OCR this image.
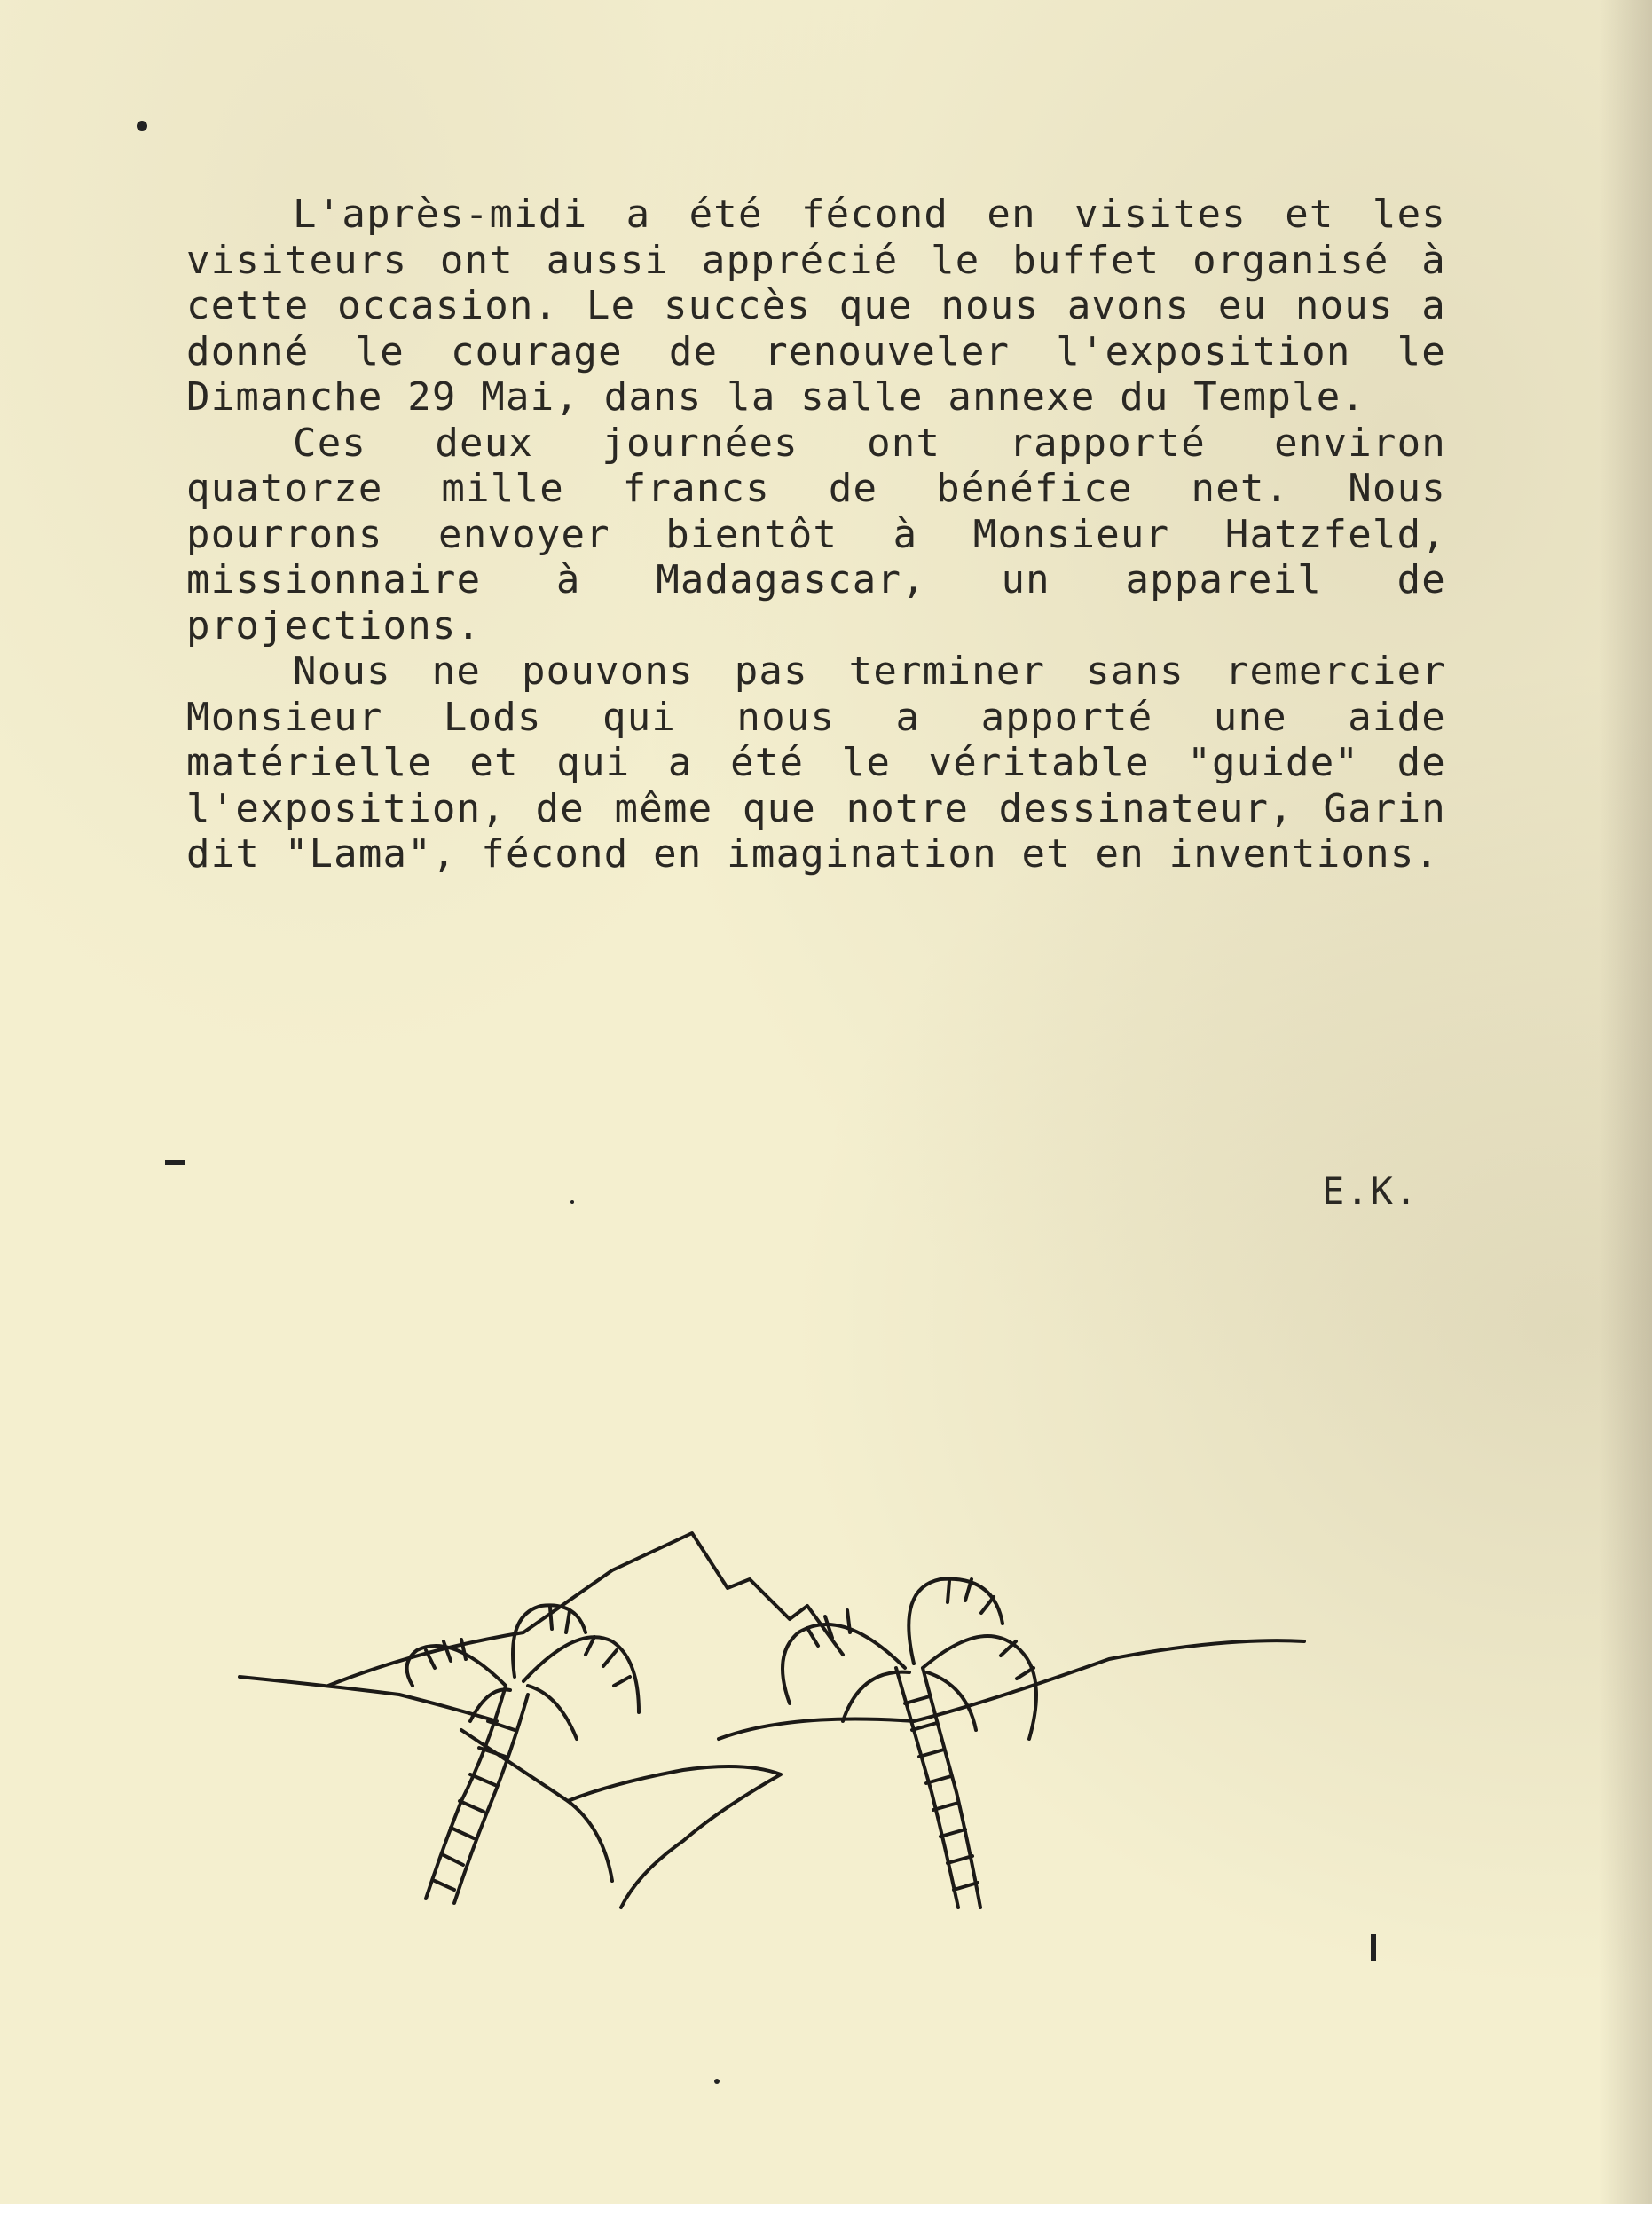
L'après-midi a été fécond en visites et les visiteurs ont aussi apprécié le buffet organisé à cette occasion. Le succès que nous avons eu nous a donné le courage de renouveler l'exposition le Dimanche 29 Mai, dans la salle annexe du Temple.

Ces deux journées ont rapporté environ quatorze mille francs de bénéfice net. Nous pourrons envoyer bientôt à Monsieur Hatzfeld, missionnaire à Madagascar, un appareil de projections.

Nous ne pouvons pas terminer sans remercier Monsieur Lods qui nous a apporté une aide matérielle et qui a été le véritable "guide" de l'exposition, de même que notre dessinateur, Garin dit "Lama", fécond en imagination et en inventions.

E.K.
